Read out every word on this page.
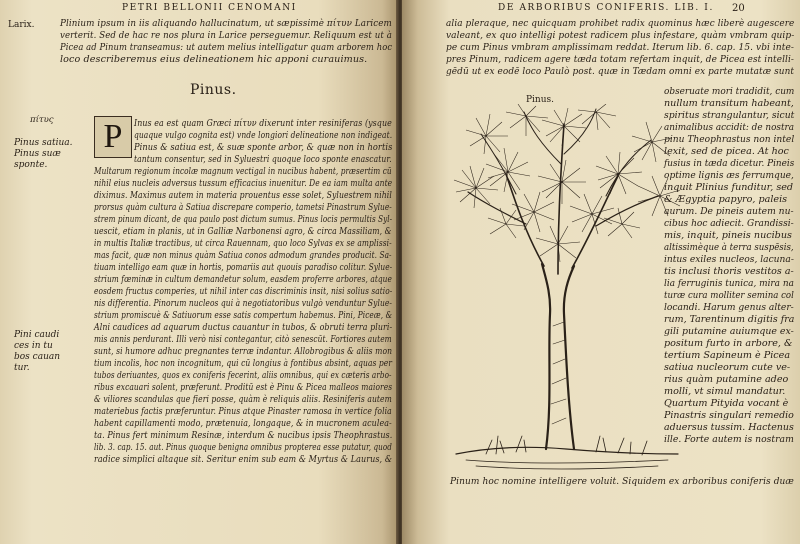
PETRI BELLONII CENOMANI
Plinium ipsum in iis aliquando hallucinatum, ut sæpissimè πίτυν Laricem
verterit. Sed de hac re nos plura in Larice perseguemur. Reliquum est ut à
Picea ad Pinum transeamus: ut autem melius intelligatur quam arborem hoc
loco describeremus eius delineationem hic apponi curauimus.
Larix.
Pinus.
πίτυς
Pinus satiua.
Pinus suæ
sponte.
Pini caudi
ces in tu
bos cauan
tur.
P Inus ea est quam Græci πίτυν dixerunt inter resiniferas (ysque
quaque vulgo cognita est) vnde longiori delineatione non indigeat.
Pinus & satiua est, & suæ sponte arbor, & quæ non in hortis
tantum consentur, sed in Syluestri quoque loco sponte enascatur.
Multarum regionum incolæ magnum vectigal in nucibus habent, præsertim cū
nihil eius nucleis adversus tussum efficacius inuenitur. De ea iam multa ante
diximus. Maximus autem in materia prouentus esse solet, Syluestrem nihil
prorsus quàm cultura à Satiua discrepare comperio, tametsi Pinastrum Sylue-
strem pinum dicant, de qua paulo post dictum sumus. Pinus locis permultis Syl-
uescit, etiam in planis, ut in Galliæ Narbonensi agro, & circa Massiliam, &
in multis Italiæ tractibus, ut circa Rauennam, quo loco Sylvas ex se amplissi-
mas facit, quæ non minus quàm Satiua conos admodum grandes producit. Sa-
tiuam intelligo eam quæ in hortis, pomariis aut quouis paradiso colitur. Sylue-
strium fœminæ in cultum demandetur solum, easdem proferre arbores, atque
eosdem fructus comperies, ut nihil inter cas discriminis insit, nisi solius satio-
nis differentia. Pinorum nucleos qui à negotiatoribus vulgò venduntur Sylue-
strium promiscuè & Satiuorum esse satis compertum habemus. Pini, Piceæ, &
Alni caudices ad aquarum ductus cauantur in tubos, & obruti terra pluri-
mis annis perdurant. Illi verò nisi contegantur, citò senescūt. Fortiores autem
sunt, si humore adhuc pregnantes terræ indantur. Allobrogibus & aliis mon
tium incolis, hoc non incognitum, qui cū longius à fontibus absint, aquas per
tubos deriuantes, quos ex coniferis fecerint, aliis omnibus, qui ex cæteris arbo-
ribus excauari solent, præferunt. Proditū est è Pinu & Picea malleos maiores
& viliores scandulas que fieri posse, quàm è reliquis aliis. Resiniferis autem
materiebus factis præferuntur. Pinus atque Pinaster ramosa in vertice folia
habent capillamenti modo, prætenuia, longaque, & in mucronem aculea-
ta. Pinus fert minimum Resinæ, interdum & nucibus ipsis Theophrastus.
lib. 3. cap. 15. aut. Pinus quoque benigna omnibus propterea esse putatur, quod
radice simplici altaque sit. Seritur enim sub eam & Myrtus & Laurus, &
DE ARBORIBUS CONIFERIS. LIB. I. 20
alia pleraque, nec quicquam prohibet radix quominus hæc liberè augescere
valeant, ex quo intelligi potest radicem plus infestare, quàm vmbram quip-
pe cum Pinus vmbram amplissimam reddat. Iterum lib. 6. cap. 15. vbi inte-
pres Pinum, radicem agere tæda totam refertam inquit, de Picea est intelli-
gēdū ut ex eodē loco Paulò post. quæ in Tædam omni ex parte mutatæ sunt
Pinus.
obseruate mori tradidit, cum
nullum transitum habeant,
spiritus strangulantur, sicut
animalibus accidit: de nostra
pinu Theophrastus non intel
lexit, sed de picea. At hoc
fusius in tæda dicetur. Pineis
optime lignis æs ferrumque,
inquit Plinius funditur, sed
& Ægyptia papyro, paleis
aurum. De pineis autem nu-
cibus hoc adiecit. Grandissi-
mis, inquit, pineis nucibus
altissimèque à terra suspēsis,
intus exiles nucleos, lacuna-
tis inclusi thoris vestitos a-
lia ferruginis tunica, mira na
turæ cura molliter semina col
locandi. Harum genus alter-
rum, Tarentinum digitis fra
gili putamine auiumque ex-
positum furto in arbore, &
tertium Sapineum è Picea
satiua nucleorum cute ve-
rius quàm putamine adeo
molli, vt simul mandatur.
Quartum Pityida vocant è
Pinastris singulari remedio
aduersus tussim. Hactenus
ille. Forte autem is nostram
Pinum hoc nomine intelligere voluit. Siquidem ex arboribus coniferis duæ
